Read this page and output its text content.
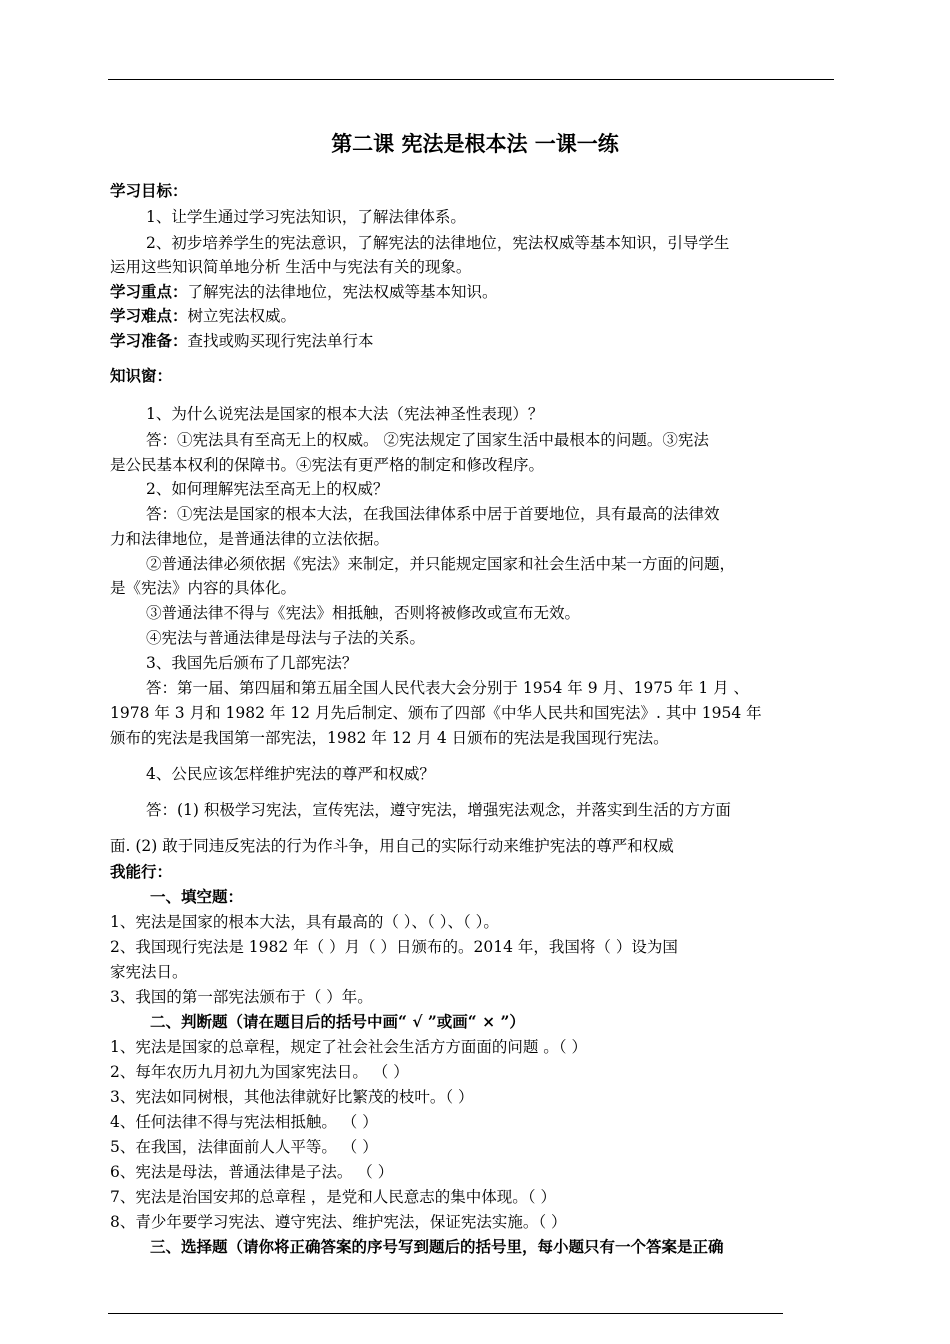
第二课 宪法是根本法 一课一练
学习目标：
1、让学生通过学习宪法知识，了解法律体系。
2、初步培养学生的宪法意识，了解宪法的法律地位，宪法权威等基本知识，引导学生
运用这些知识简单地分析 生活中与宪法有关的现象。
学习重点：了解宪法的法律地位，宪法权威等基本知识。
学习难点：树立宪法权威。
学习准备：查找或购买现行宪法单行本
知识窗：
1、为什么说宪法是国家的根本大法（宪法神圣性表现）？
答：①宪法具有至高无上的权威。 ②宪法规定了国家生活中最根本的问题。③宪法
是公民基本权利的保障书。④宪法有更严格的制定和修改程序。
2、如何理解宪法至高无上的权威？
答：①宪法是国家的根本大法，在我国法律体系中居于首要地位，具有最高的法律效
力和法律地位，是普通法律的立法依据。
②普通法律必须依据《宪法》来制定，并只能规定国家和社会生活中某一方面的问题，
是《宪法》内容的具体化。
③普通法律不得与《宪法》相抵触，否则将被修改或宣布无效。
④宪法与普通法律是母法与子法的关系。
3、我国先后颁布了几部宪法？
答：第一届、第四届和第五届全国人民代表大会分别于 1954 年 9 月、1975 年 1 月 、
1978 年 3 月和 1982 年 12 月先后制定、颁布了四部《中华人民共和国宪法》. 其中 1954 年
颁布的宪法是我国第一部宪法，1982 年 12 月 4 日颁布的宪法是我国现行宪法。
4、公民应该怎样维护宪法的尊严和权威？
答：(1) 积极学习宪法，宣传宪法，遵守宪法，增强宪法观念，并落实到生活的方方面
面. (2) 敢于同违反宪法的行为作斗争，用自己的实际行动来维护宪法的尊严和权威
我能行：
一、填空题：
1、宪法是国家的根本大法，具有最高的（ ）、（ ）、（ ）。
2、我国现行宪法是 1982 年（ ）月（ ）日颁布的。2014 年，我国将（ ）设为国
家宪法日。
3、我国的第一部宪法颁布于（ ）年。
二、判断题（请在题目后的括号中画“ √ ”或画“ × ”）
1、宪法是国家的总章程，规定了社会社会生活方方面面的问题 。（ ）
2、每年农历九月初九为国家宪法日。 （ ）
3、宪法如同树根，其他法律就好比繁茂的枝叶。（ ）
4、任何法律不得与宪法相抵触。 （ ）
5、在我国，法律面前人人平等。 （ ）
6、宪法是母法，普通法律是子法。 （ ）
7、宪法是治国安邦的总章程 ，是党和人民意志的集中体现。（ ）
8、青少年要学习宪法、遵守宪法、维护宪法，保证宪法实施。（ ）
三、选择题（请你将正确答案的序号写到题后的括号里，每小题只有一个答案是正确
